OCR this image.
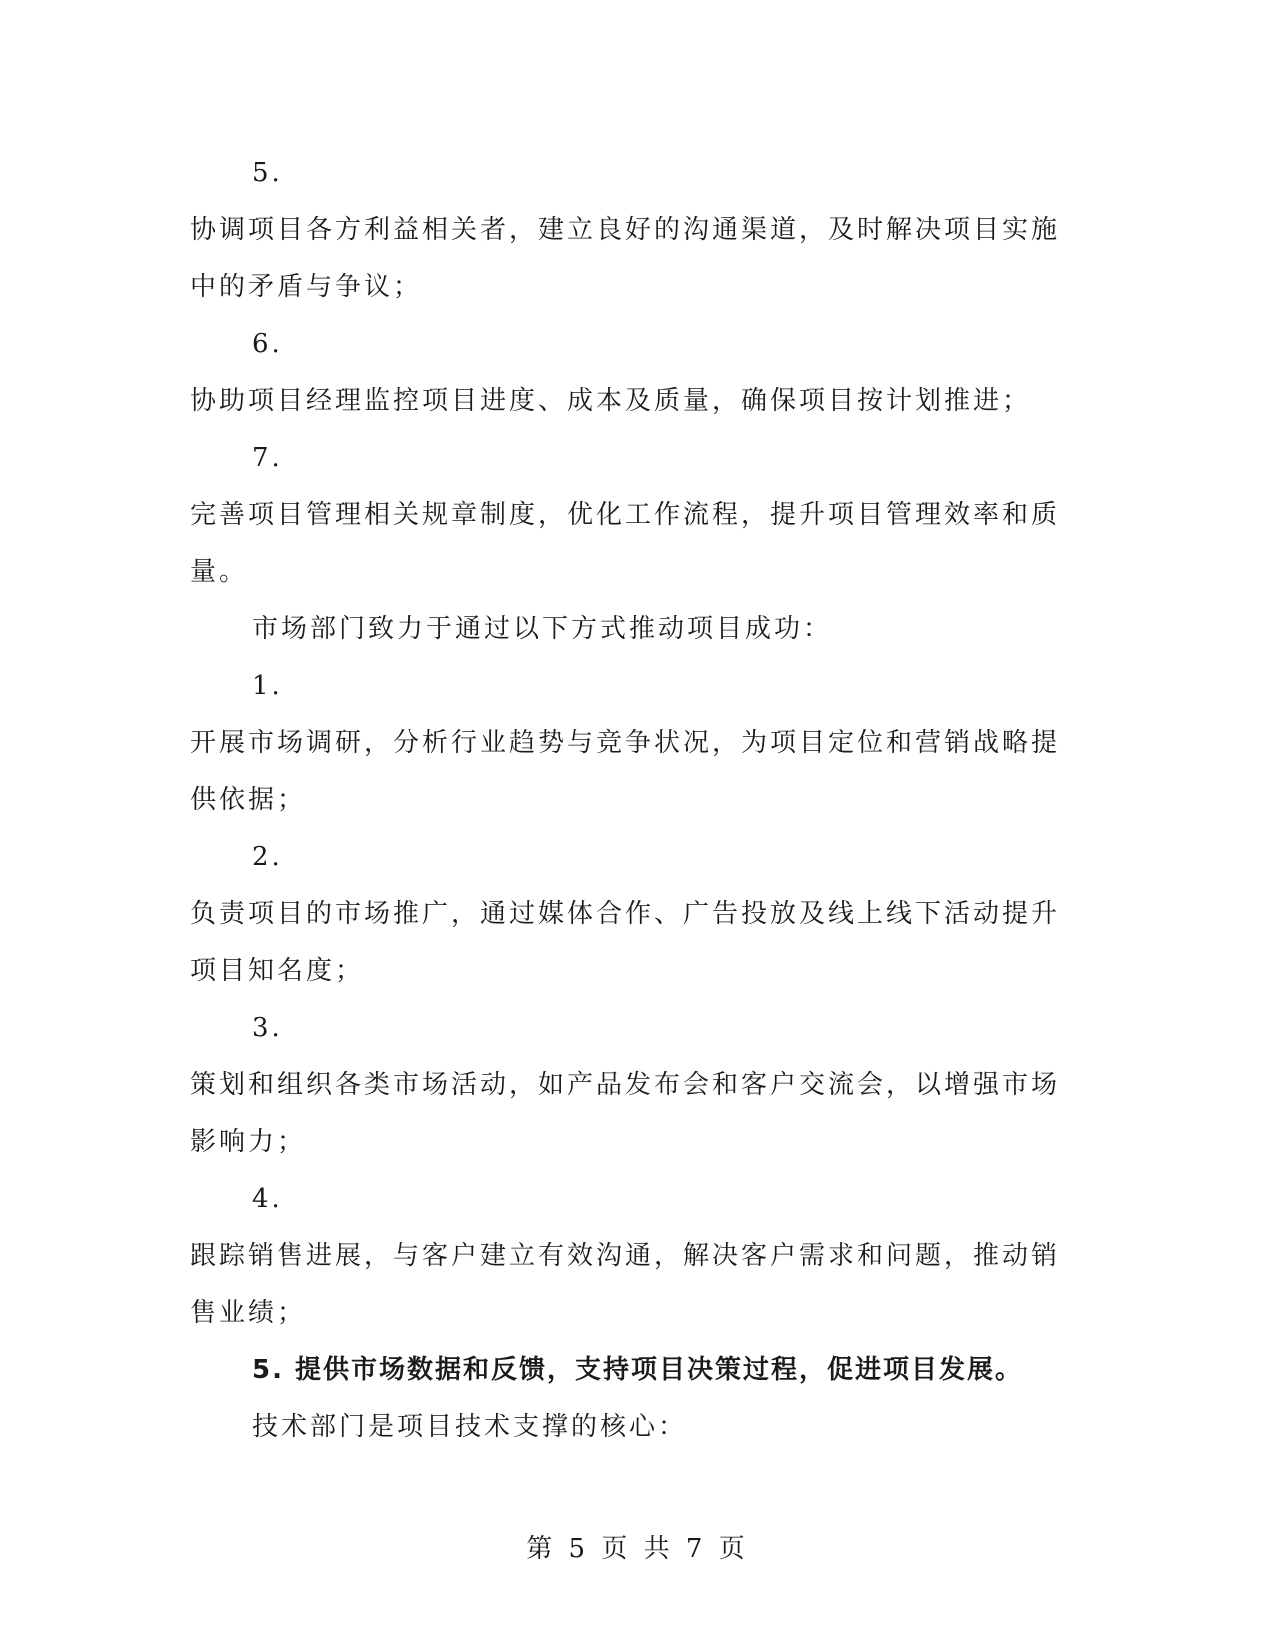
5.
协调项目各方利益相关者，建立良好的沟通渠道，及时解决项目实施
中的矛盾与争议；
6.
协助项目经理监控项目进度、成本及质量，确保项目按计划推进；
7.
完善项目管理相关规章制度，优化工作流程，提升项目管理效率和质
量。
市场部门致力于通过以下方式推动项目成功：
1.
开展市场调研，分析行业趋势与竞争状况，为项目定位和营销战略提
供依据；
2.
负责项目的市场推广，通过媒体合作、广告投放及线上线下活动提升
项目知名度；
3.
策划和组织各类市场活动，如产品发布会和客户交流会，以增强市场
影响力；
4.
跟踪销售进展，与客户建立有效沟通，解决客户需求和问题，推动销
售业绩；
5. 提供市场数据和反馈，支持项目决策过程，促进项目发展。
技术部门是项目技术支撑的核心：
第 5 页 共 7 页
